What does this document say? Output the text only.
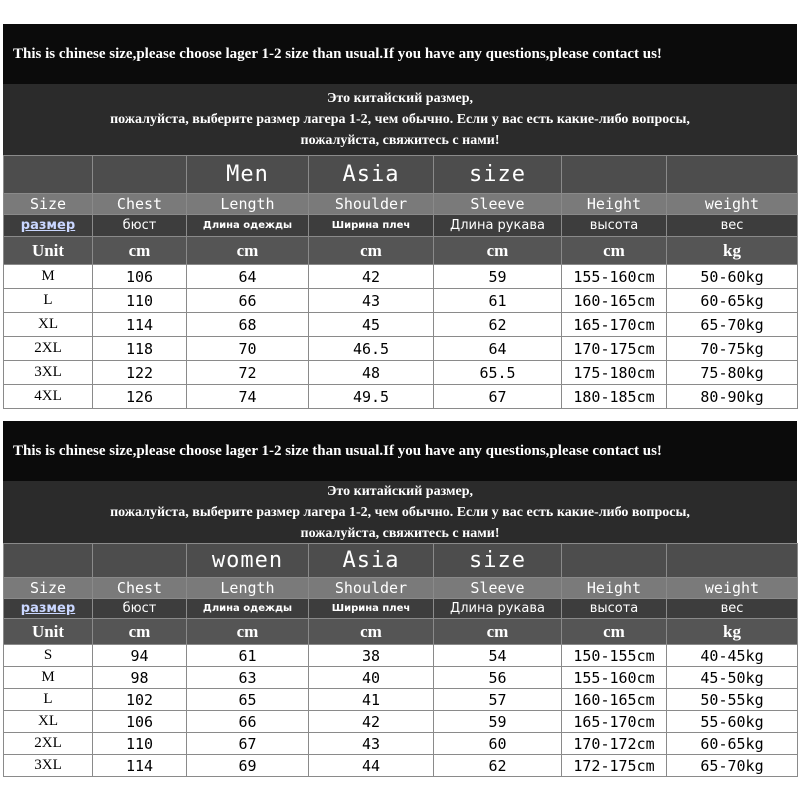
This is chinese size,please choose lager 1-2 size than usual.If you have any questions,please contact us!
Это китайский размер,
пожалуйста, выберите размер лагера 1-2, чем обычно. Если у вас есть какие-либо вопросы,
пожалуйста, свяжитесь с нами!
		Men	Asia	size		
Size	Chest	Length	Shoulder	Sleeve	Height	weight
размер	бюст	Длина одежды	Ширина плеч	Длина рукава	высота	вес
Unit	cm	cm	cm	cm	cm	kg
M	106	64	42	59	155-160cm	50-60kg
L	110	66	43	61	160-165cm	60-65kg
XL	114	68	45	62	165-170cm	65-70kg
2XL	118	70	46.5	64	170-175cm	70-75kg
3XL	122	72	48	65.5	175-180cm	75-80kg
4XL	126	74	49.5	67	180-185cm	80-90kg
This is chinese size,please choose lager 1-2 size than usual.If you have any questions,please contact us!
Это китайский размер,
пожалуйста, выберите размер лагера 1-2, чем обычно. Если у вас есть какие-либо вопросы,
пожалуйста, свяжитесь с нами!
		women	Asia	size		
Size	Chest	Length	Shoulder	Sleeve	Height	weight
размер	бюст	Длина одежды	Ширина плеч	Длина рукава	высота	вес
Unit	cm	cm	cm	cm	cm	kg
S	94	61	38	54	150-155cm	40-45kg
M	98	63	40	56	155-160cm	45-50kg
L	102	65	41	57	160-165cm	50-55kg
XL	106	66	42	59	165-170cm	55-60kg
2XL	110	67	43	60	170-172cm	60-65kg
3XL	114	69	44	62	172-175cm	65-70kg
